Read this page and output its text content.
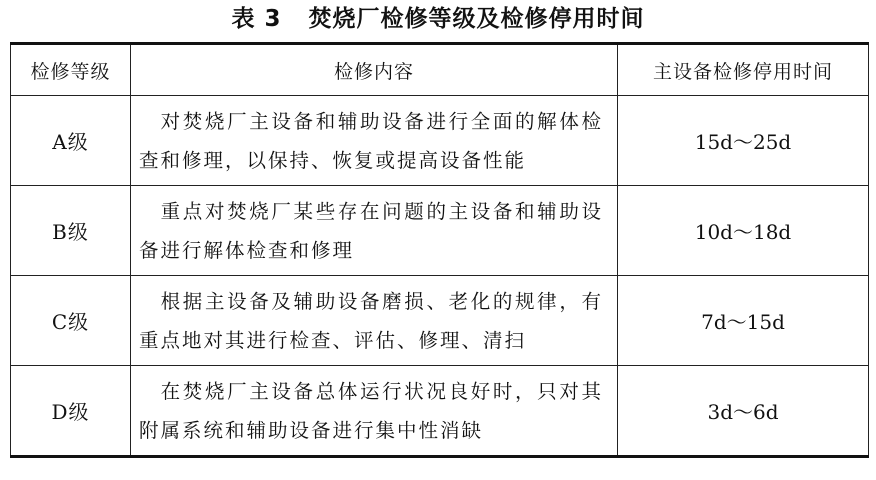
表 3   焚烧厂检修等级及检修停用时间
检修等级	检修内容	主设备检修停用时间
A级	对焚烧厂主设备和辅助设备进行全面的解体检查和修理，以保持、恢复或提高设备性能	15d～25d
B级	重点对焚烧厂某些存在问题的主设备和辅助设备进行解体检查和修理	10d～18d
C级	根据主设备及辅助设备磨损、老化的规律，有重点地对其进行检查、评估、修理、清扫	7d～15d
D级	在焚烧厂主设备总体运行状况良好时，只对其附属系统和辅助设备进行集中性消缺	3d～6d
